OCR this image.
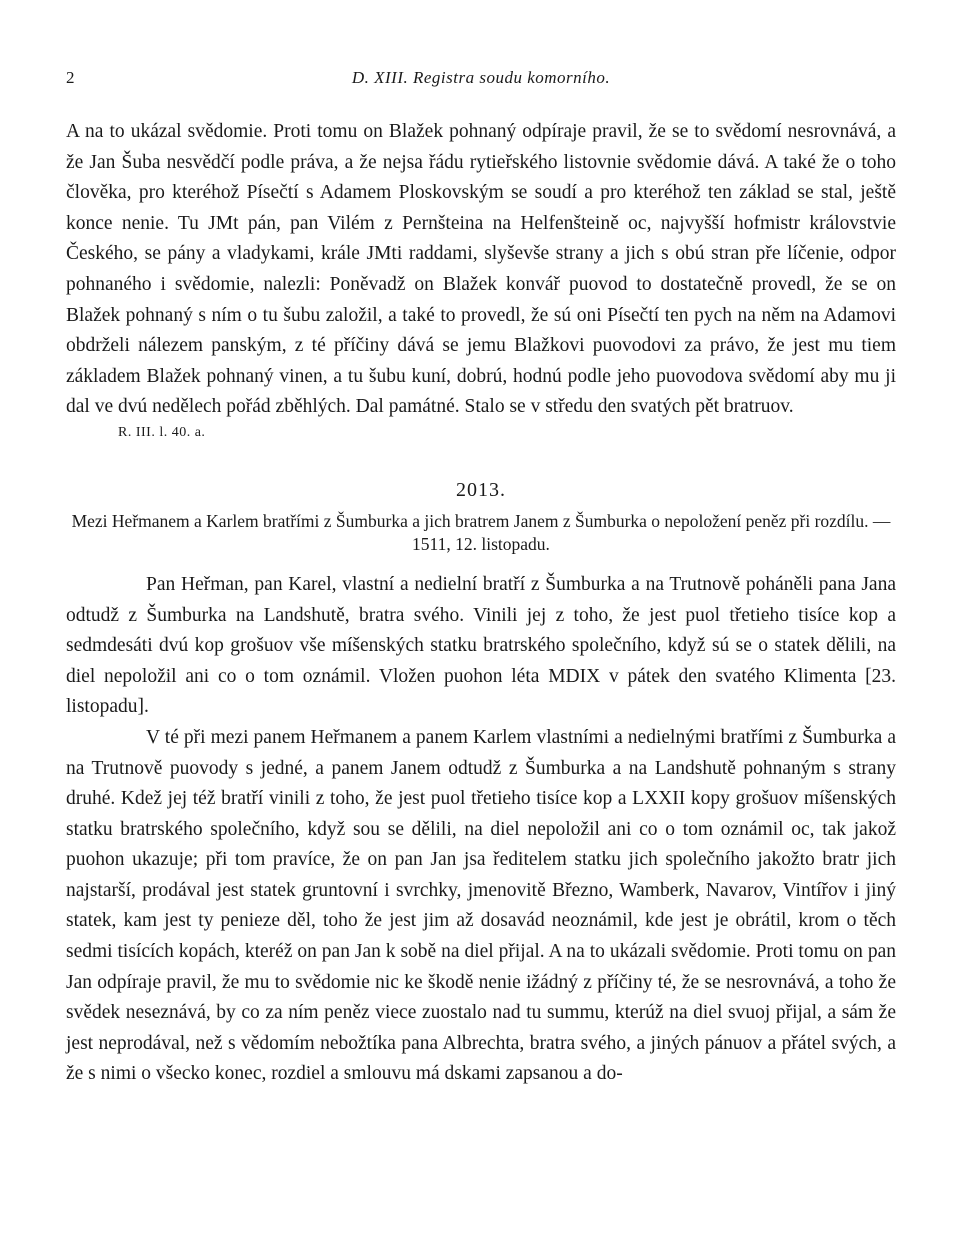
2	D. XIII. Registra soudu komorního.

A na to ukázal svědomie. Proti tomu on Blažek pohnaný odpíraje pravil, že se to svědomí nesrovnává, a že Jan Šuba nesvědčí podle práva, a že nejsa řádu rytieřského listovnie svědomie dává. A také že o toho člověka, pro kteréhož Písečtí s Adamem Ploskovským se soudí a pro kteréhož ten základ se stal, ještě konce nenie. Tu JMt pán, pan Vilém z Pernšteina na Helfenšteině oc, najvyšší hofmistr královstvie Českého, se pány a vladykami, krále JMti raddami, slyševše strany a jich s obú stran pře líčenie, odpor pohnaného i svědomie, nalezli: Poněvadž on Blažek konvář puovod to dostatečně provedl, že se on Blažek pohnaný s ním o tu šubu založil, a také to provedl, že sú oni Písečtí ten pych na něm na Adamovi obdrželi nálezem panským, z té příčiny dává se jemu Blažkovi puovodovi za právo, že jest mu tiem základem Blažek pohnaný vinen, a tu šubu kuní, dobrú, hodnú podle jeho puovodova svědomí aby mu ji dal ve dvú nedělech pořád zběhlých. Dal památné. Stalo se v středu den svatých pět bratruov.

R. III. l. 40. a.
2013.
Mezi Heřmanem a Karlem bratřími z Šumburka a jich bratrem Janem z Šumburka o nepoložení peněz při rozdílu. — 1511, 12. listopadu.

Pan Heřman, pan Karel, vlastní a nedielní bratří z Šumburka a na Trutnově poháněli pana Jana odtudž z Šumburka na Landshutě, bratra svého. Vinili jej z toho, že jest puol třetieho tisíce kop a sedmdesáti dvú kop grošuov vše míšenských statku bratrského společního, když sú se o statek dělili, na diel nepoložil ani co o tom oznámil. Vložen puohon léta MDIX v pátek den svatého Klimenta [23. listopadu].

V té při mezi panem Heřmanem a panem Karlem vlastními a nedielnými bratřími z Šumburka a na Trutnově puovody s jedné, a panem Janem odtudž z Šumburka a na Landshutě pohnaným s strany druhé. Kdež jej též bratří vinili z toho, že jest puol třetieho tisíce kop a LXXII kopy grošuov míšenských statku bratrského společního, když sou se dělili, na diel nepoložil ani co o tom oznámil oc, tak jakož puohon ukazuje; při tom pravíce, že on pan Jan jsa ředitelem statku jich společního jakožto bratr jich najstarší, prodával jest statek gruntovní i svrchky, jmenovitě Březno, Wamberk, Navarov, Vintířov i jiný statek, kam jest ty penieze děl, toho že jest jim až dosavád neoznámil, kde jest je obrátil, krom o těch sedmi tisících kopách, kteréž on pan Jan k sobě na diel přijal. A na to ukázali svědomie. Proti tomu on pan Jan odpíraje pravil, že mu to svědomie nic ke škodě nenie ižádný z příčiny té, že se nesrovnává, a toho že svědek neseznává, by co za ním peněz viece zuostalo nad tu summu, kterúž na diel svuoj přijal, a sám že jest neprodával, než s vědomím nebožtíka pana Albrechta, bratra svého, a jiných pánuov a přátel svých, a že s nimi o všecko konec, rozdiel a smlouvu má dskami zapsanou a do-
